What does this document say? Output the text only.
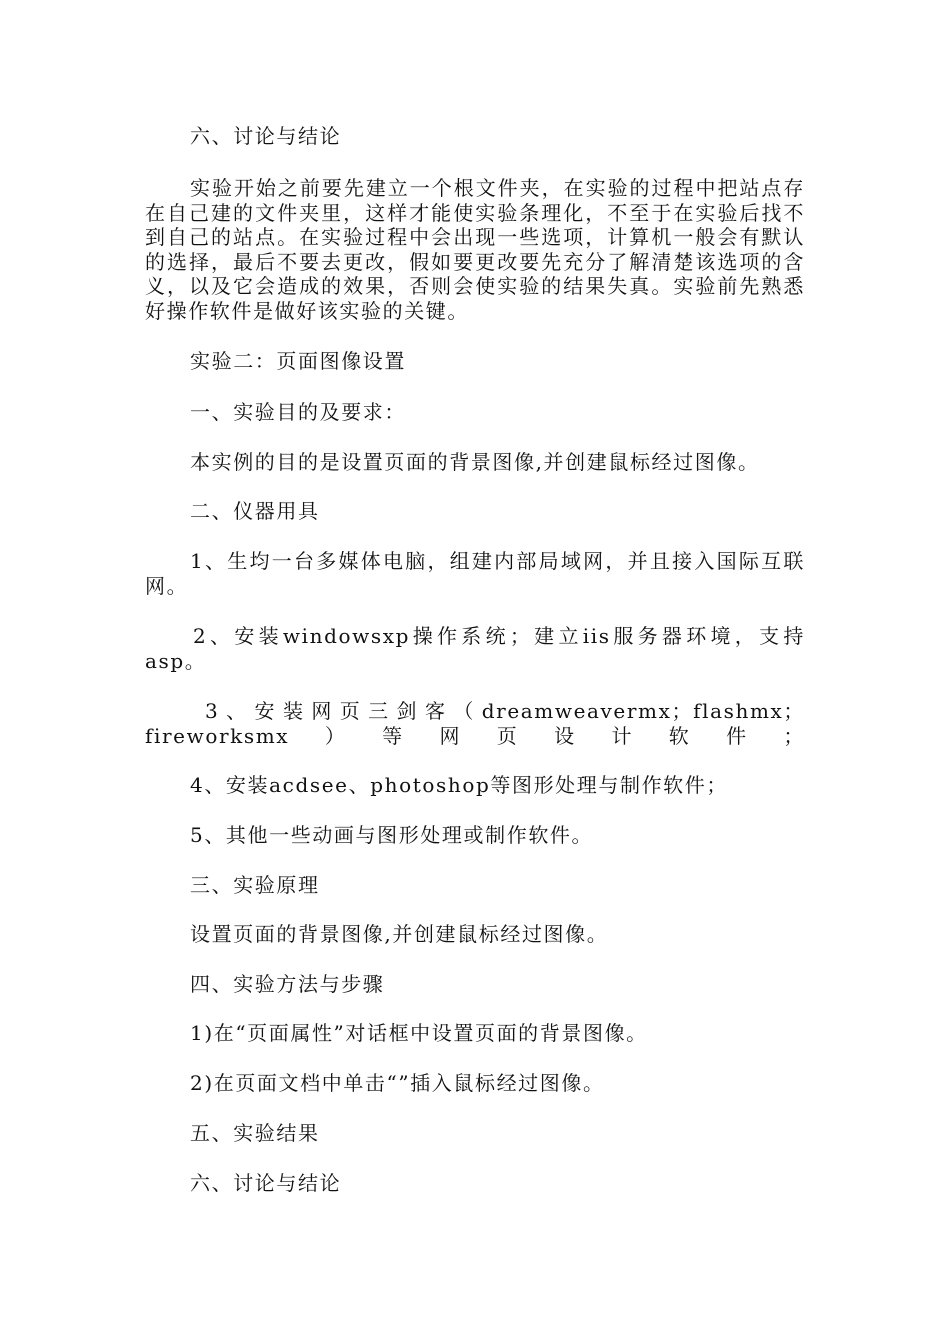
六、讨论与结论

实验开始之前要先建立一个根文件夹，在实验的过程中把站点存在自己建的文件夹里，这样才能使实验条理化，不至于在实验后找不到自己的站点。在实验过程中会出现一些选项，计算机一般会有默认的选择，最后不要去更改，假如要更改要先充分了解清楚该选项的含义，以及它会造成的效果，否则会使实验的结果失真。实验前先熟悉好操作软件是做好该实验的关键。

实验二：页面图像设置

一、实验目的及要求：

本实例的目的是设置页面的背景图像,并创建鼠标经过图像。

二、仪器用具

1、生均一台多媒体电脑，组建内部局域网，并且接入国际互联网。

2、安装windowsxp操作系统；建立iis服务器环境，支持asp。

3、安装网页三剑客（dreamweavermx；flashmx；fireworksmx）等网页设计软件；

4、安装acdsee、photoshop等图形处理与制作软件；

5、其他一些动画与图形处理或制作软件。

三、实验原理

设置页面的背景图像,并创建鼠标经过图像。

四、实验方法与步骤

1)在“页面属性”对话框中设置页面的背景图像。

2)在页面文档中单击“”插入鼠标经过图像。

五、实验结果

六、讨论与结论
